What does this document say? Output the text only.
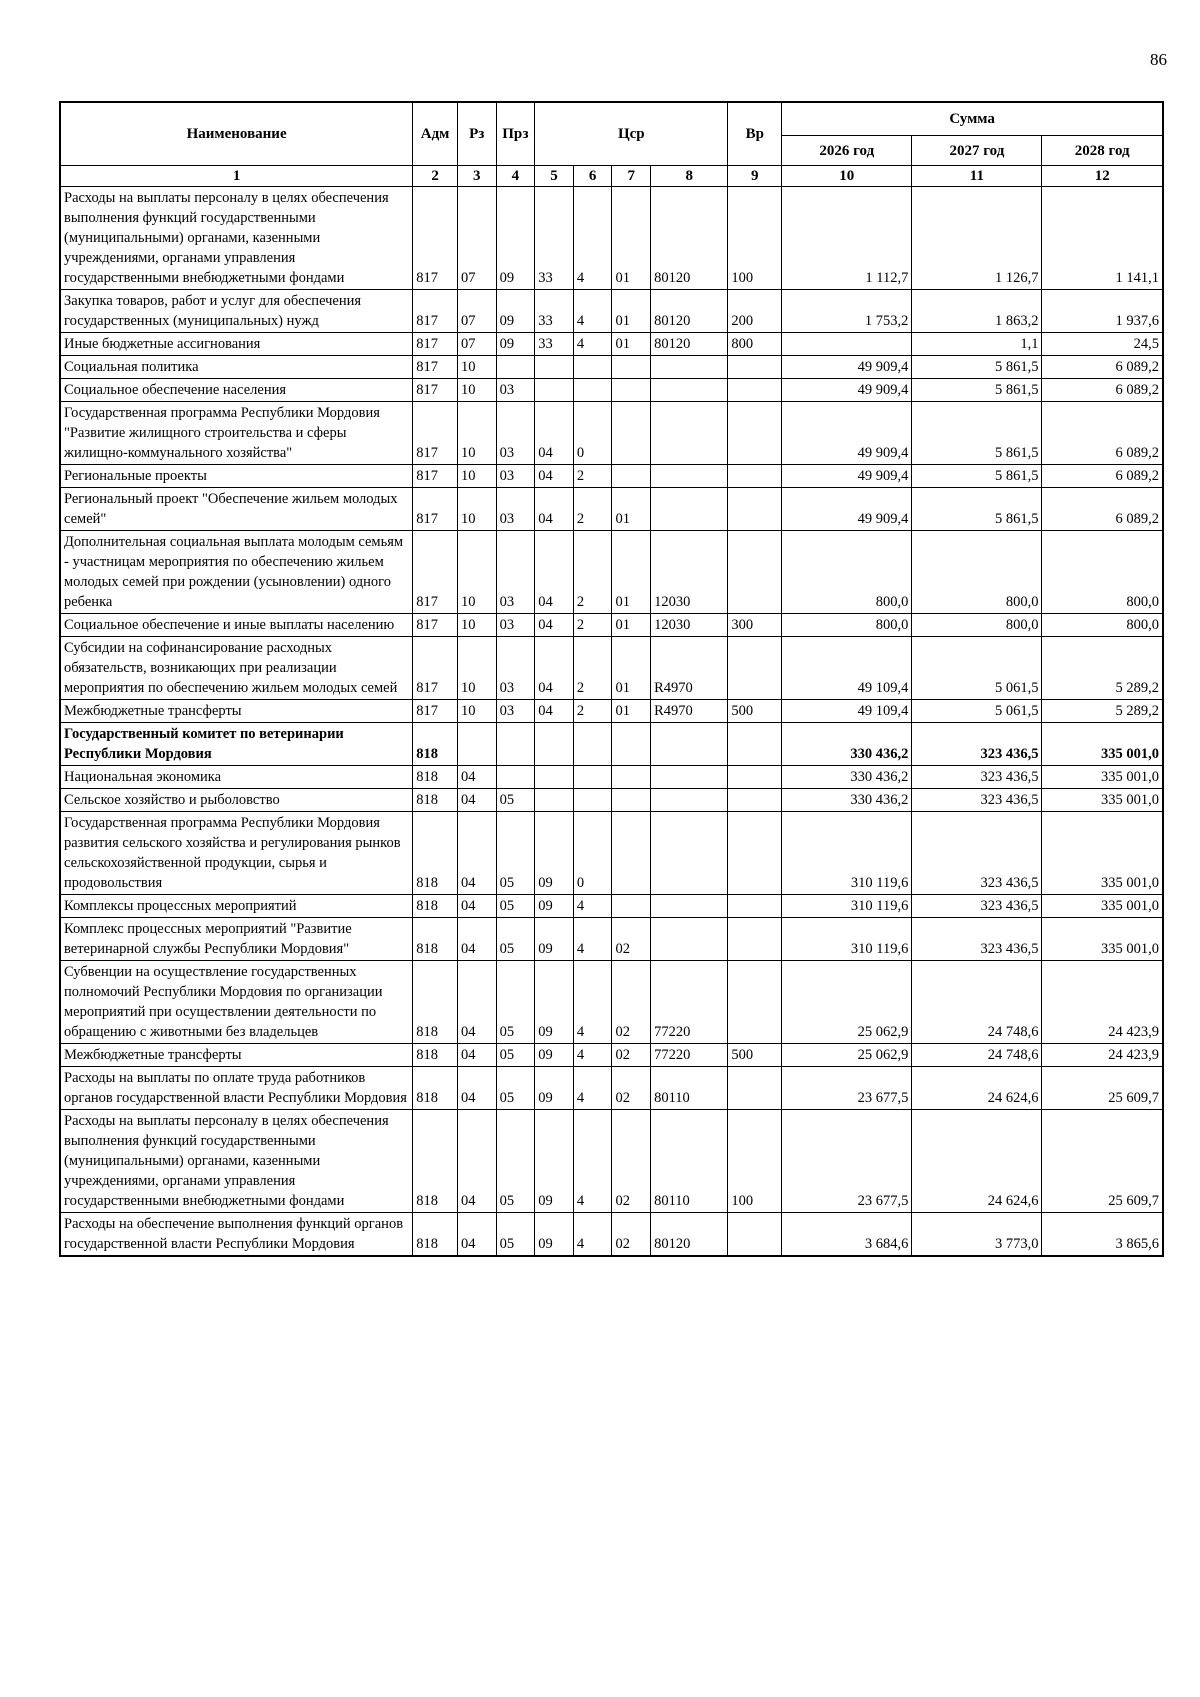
86
Наименование	Адм	Рз	Прз	Цср				Вр	Сумма		
									2026 год	2027 год	2028 год
1	2	3	4	5	6	7	8	9	10	11	12
Расходы на выплаты персоналу в целях обеспечения выполнения функций государственными (муниципальными) органами, казенными учреждениями, органами управления государственными внебюджетными фондами	817	07	09	33	4	01	80120	100	1 112,7	1 126,7	1 141,1
Закупка товаров, работ и услуг для обеспечения государственных (муниципальных) нужд	817	07	09	33	4	01	80120	200	1 753,2	1 863,2	1 937,6
Иные бюджетные ассигнования	817	07	09	33	4	01	80120	800		1,1	24,5
Социальная политика	817	10							49 909,4	5 861,5	6 089,2
Социальное обеспечение населения	817	10	03						49 909,4	5 861,5	6 089,2
Государственная программа Республики Мордовия "Развитие жилищного строительства и сферы жилищно-коммунального хозяйства"	817	10	03	04	0				49 909,4	5 861,5	6 089,2
Региональные проекты	817	10	03	04	2				49 909,4	5 861,5	6 089,2
Региональный проект "Обеспечение жильем молодых семей"	817	10	03	04	2	01			49 909,4	5 861,5	6 089,2
Дополнительная социальная выплата молодым семьям - участницам мероприятия по обеспечению жильем молодых семей при рождении (усыновлении) одного ребенка	817	10	03	04	2	01	12030		800,0	800,0	800,0
Социальное обеспечение и иные выплаты населению	817	10	03	04	2	01	12030	300	800,0	800,0	800,0
Субсидии на софинансирование расходных обязательств, возникающих при реализации мероприятия по обеспечению жильем молодых семей	817	10	03	04	2	01	R4970		49 109,4	5 061,5	5 289,2
Межбюджетные трансферты	817	10	03	04	2	01	R4970	500	49 109,4	5 061,5	5 289,2
Государственный комитет по ветеринарии Республики Мордовия	818								330 436,2	323 436,5	335 001,0
Национальная экономика	818	04							330 436,2	323 436,5	335 001,0
Сельское хозяйство и рыболовство	818	04	05						330 436,2	323 436,5	335 001,0
Государственная программа Республики Мордовия развития сельского хозяйства и регулирования рынков сельскохозяйственной продукции, сырья и продовольствия	818	04	05	09	0				310 119,6	323 436,5	335 001,0
Комплексы процессных мероприятий	818	04	05	09	4				310 119,6	323 436,5	335 001,0
Комплекс процессных мероприятий "Развитие ветеринарной службы Республики Мордовия"	818	04	05	09	4	02			310 119,6	323 436,5	335 001,0
Субвенции на осуществление государственных полномочий Республики Мордовия по организации мероприятий при осуществлении деятельности по обращению с животными без владельцев	818	04	05	09	4	02	77220		25 062,9	24 748,6	24 423,9
Межбюджетные трансферты	818	04	05	09	4	02	77220	500	25 062,9	24 748,6	24 423,9
Расходы на выплаты по оплате труда работников органов государственной власти Республики Мордовия	818	04	05	09	4	02	80110		23 677,5	24 624,6	25 609,7
Расходы на выплаты персоналу в целях обеспечения выполнения функций государственными (муниципальными) органами, казенными учреждениями, органами управления государственными внебюджетными фондами	818	04	05	09	4	02	80110	100	23 677,5	24 624,6	25 609,7
Расходы на обеспечение выполнения функций органов государственной власти Республики Мордовия	818	04	05	09	4	02	80120		3 684,6	3 773,0	3 865,6
